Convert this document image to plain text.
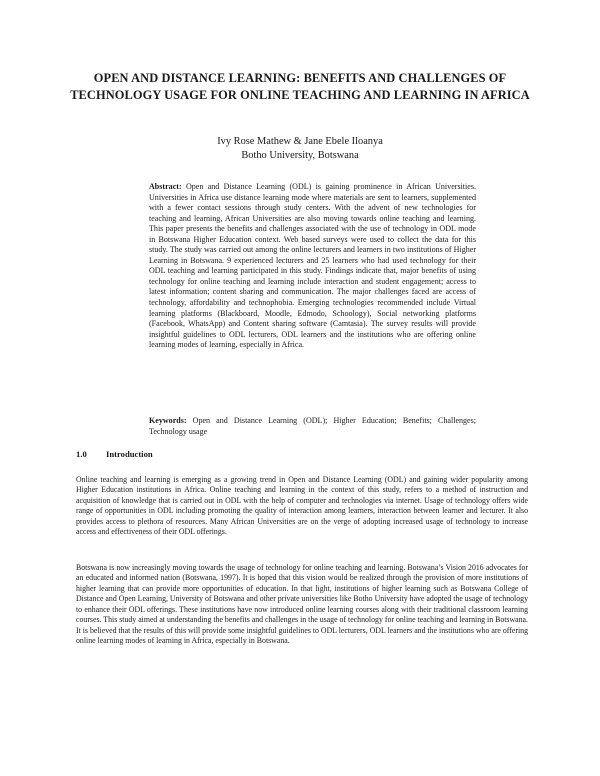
OPEN AND DISTANCE LEARNING: BENEFITS AND CHALLENGES OF TECHNOLOGY USAGE FOR ONLINE TEACHING AND LEARNING IN AFRICA
Ivy Rose Mathew & Jane Ebele Iloanya
Botho University, Botswana

Abstract: Open and Distance Learning (ODL) is gaining prominence in African Universities. Universities in Africa use distance learning mode where materials are sent to learners, supplemented with a fewer contact sessions through study centers. With the advent of new technologies for teaching and learning, African Universities are also moving towards online teaching and learning. This paper presents the benefits and challenges associated with the use of technology in ODL mode in Botswana Higher Education context. Web based surveys were used to collect the data for this study. The study was carried out among the online lecturers and learners in two institutions of Higher Learning in Botswana. 9 experienced lecturers and 25 learners who had used technology for their ODL teaching and learning participated in this study. Findings indicate that, major benefits of using technology for online teaching and learning include interaction and student engagement; access to latest information; content sharing and communication. The major challenges faced are access of technology, affordability and technophobia. Emerging technologies recommended include Virtual learning platforms (Blackboard, Moodle, Edmodo, Schoology), Social networking platforms (Facebook, WhatsApp) and Content sharing software (Camtasia). The survey results will provide insightful guidelines to ODL lecturers, ODL learners and the institutions who are offering online learning modes of learning, especially in Africa.

Keywords: Open and Distance Learning (ODL); Higher Education; Benefits; Challenges; Technology usage

1.0 Introduction

Online teaching and learning is emerging as a growing trend in Open and Distance Learning (ODL) and gaining wider popularity among Higher Education institutions in Africa. Online teaching and learning in the context of this study, refers to a method of instruction and acquisition of knowledge that is carried out in ODL with the help of computer and technologies via internet. Usage of technology offers wide range of opportunities in ODL including promoting the quality of interaction among learners, interaction between learner and lecturer. It also provides access to plethora of resources. Many African Universities are on the verge of adopting increased usage of technology to increase access and effectiveness of their ODL offerings.

Botswana is now increasingly moving towards the usage of technology for online teaching and learning. Botswana’s Vision 2016 advocates for an educated and informed nation (Botswana, 1997). It is hoped that this vision would be realized through the provision of more institutions of higher learning that can provide more opportunities of education. In that light, institutions of higher learning such as Botswana College of Distance and Open Learning, University of Botswana and other private universities like Botho University have adopted the usage of technology to enhance their ODL offerings. These institutions have now introduced online learning courses along with their traditional classroom learning courses. This study aimed at understanding the benefits and challenges in the usage of technology for online teaching and learning in Botswana. It is believed that the results of this will provide some insightful guidelines to ODL lecturers, ODL learners and the institutions who are offering online learning modes of learning in Africa, especially in Botswana.
